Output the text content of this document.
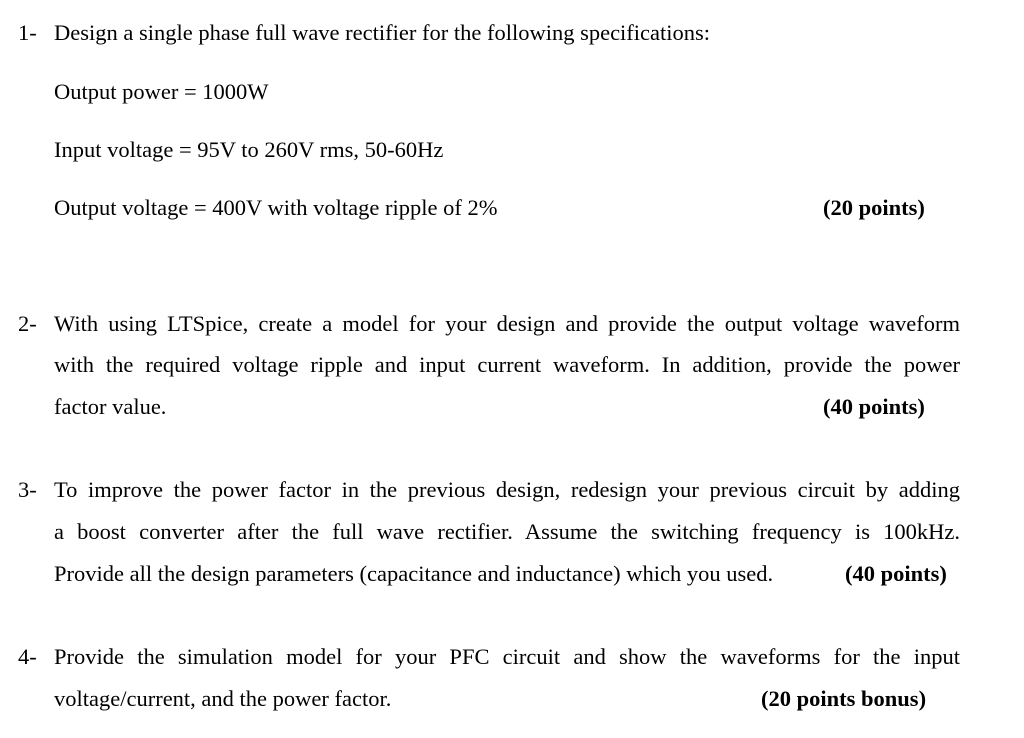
1- Design a single phase full wave rectifier for the following specifications:
Output power = 1000W
Input voltage = 95V to 260V rms, 50-60Hz
Output voltage = 400V with voltage ripple of 2%	(20 points)
2- With using LTSpice, create a model for your design and provide the output voltage waveform
with the required voltage ripple and input current waveform. In addition, provide the power
factor value.	(40 points)
3- To improve the power factor in the previous design, redesign your previous circuit by adding
a boost converter after the full wave rectifier. Assume the switching frequency is 100kHz.
Provide all the design parameters (capacitance and inductance) which you used.	(40 points)
4- Provide the simulation model for your PFC circuit and show the waveforms for the input
voltage/current, and the power factor.	(20 points bonus)
